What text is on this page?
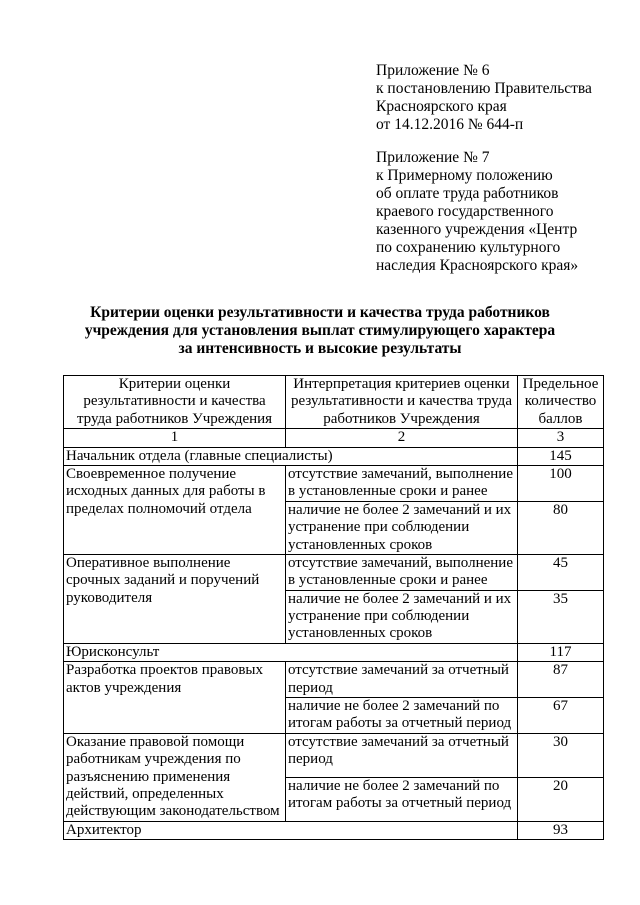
Приложение № 6
к постановлению Правительства
Красноярского края
от 14.12.2016 № 644-п
Приложение № 7
к Примерному положению
об оплате труда работников
краевого государственного
казенного учреждения «Центр
по сохранению культурного
наследия Красноярского края»
Критерии оценки результативности и качества труда работников
учреждения для установления выплат стимулирующего характера
за интенсивность и высокие результаты
Критерии оценки результативности и качества труда работников Учреждения	Интерпретация критериев оценки результативности и качества труда работников Учреждения	Предельное количество баллов
1	2	3
Начальник отдела (главные специалисты)		145
Своевременное получение исходных данных для работы в пределах полномочий отдела	отсутствие замечаний, выполнение в установленные сроки и ранее	100
	наличие не более 2 замечаний и их устранение при соблюдении установленных сроков	80
Оперативное выполнение срочных заданий и поручений руководителя	отсутствие замечаний, выполнение в установленные сроки и ранее	45
	наличие не более 2 замечаний и их устранение при соблюдении установленных сроков	35
Юрисконсульт		117
Разработка проектов правовых актов учреждения	отсутствие замечаний за отчетный период	87
	наличие не более 2 замечаний по итогам работы за отчетный период	67
Оказание правовой помощи работникам учреждения по разъяснению применения действий, определенных действующим законодательством	отсутствие замечаний за отчетный период	30
	наличие не более 2 замечаний по итогам работы за отчетный период	20
Архитектор		93
